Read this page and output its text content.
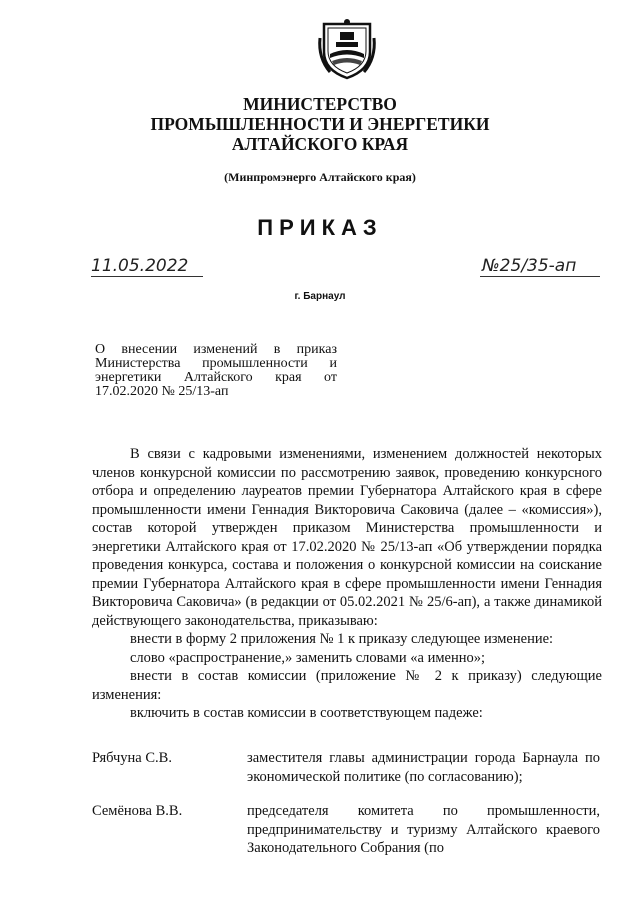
МИНИСТЕРСТВО
ПРОМЫШЛЕННОСТИ И ЭНЕРГЕТИКИ
АЛТАЙСКОГО КРАЯ
(Минпромэнерго Алтайского края)
ПРИКАЗ
11.05.2022	№25/35-ап
г. Барнаул
О внесении изменений в приказ Министерства промышленности и энергетики Алтайского края от 17.02.2020 № 25/13-ап

В связи с кадровыми изменениями, изменением должностей некоторых членов конкурсной комиссии по рассмотрению заявок, проведению конкурсного отбора и определению лауреатов премии Губернатора Алтайского края в сфере промышленности имени Геннадия Викторовича Саковича (далее – «комиссия»), состав которой утвержден приказом Министерства промышленности и энергетики Алтайского края от 17.02.2020 № 25/13-ап «Об утверждении порядка проведения конкурса, состава и положения о конкурсной комиссии на соискание премии Губернатора Алтайского края в сфере промышленности имени Геннадия Викторовича Саковича» (в редакции от 05.02.2021 № 25/6-ап), а также динамикой действующего законодательства, приказываю:

внести в форму 2 приложения № 1 к приказу следующее изменение:

слово «распространение,» заменить словами «а именно»;

внести в состав комиссии (приложение № 2 к приказу) следующие изменения:

включить в состав комиссии в соответствующем падеже:

Рябчуна С.В.	заместителя главы администрации города Барнаула по экономической политике (по согласованию);
Семёнова В.В.	председателя комитета по промышленности, предпринимательству и туризму Алтайского краевого Законодательного Собрания (по
